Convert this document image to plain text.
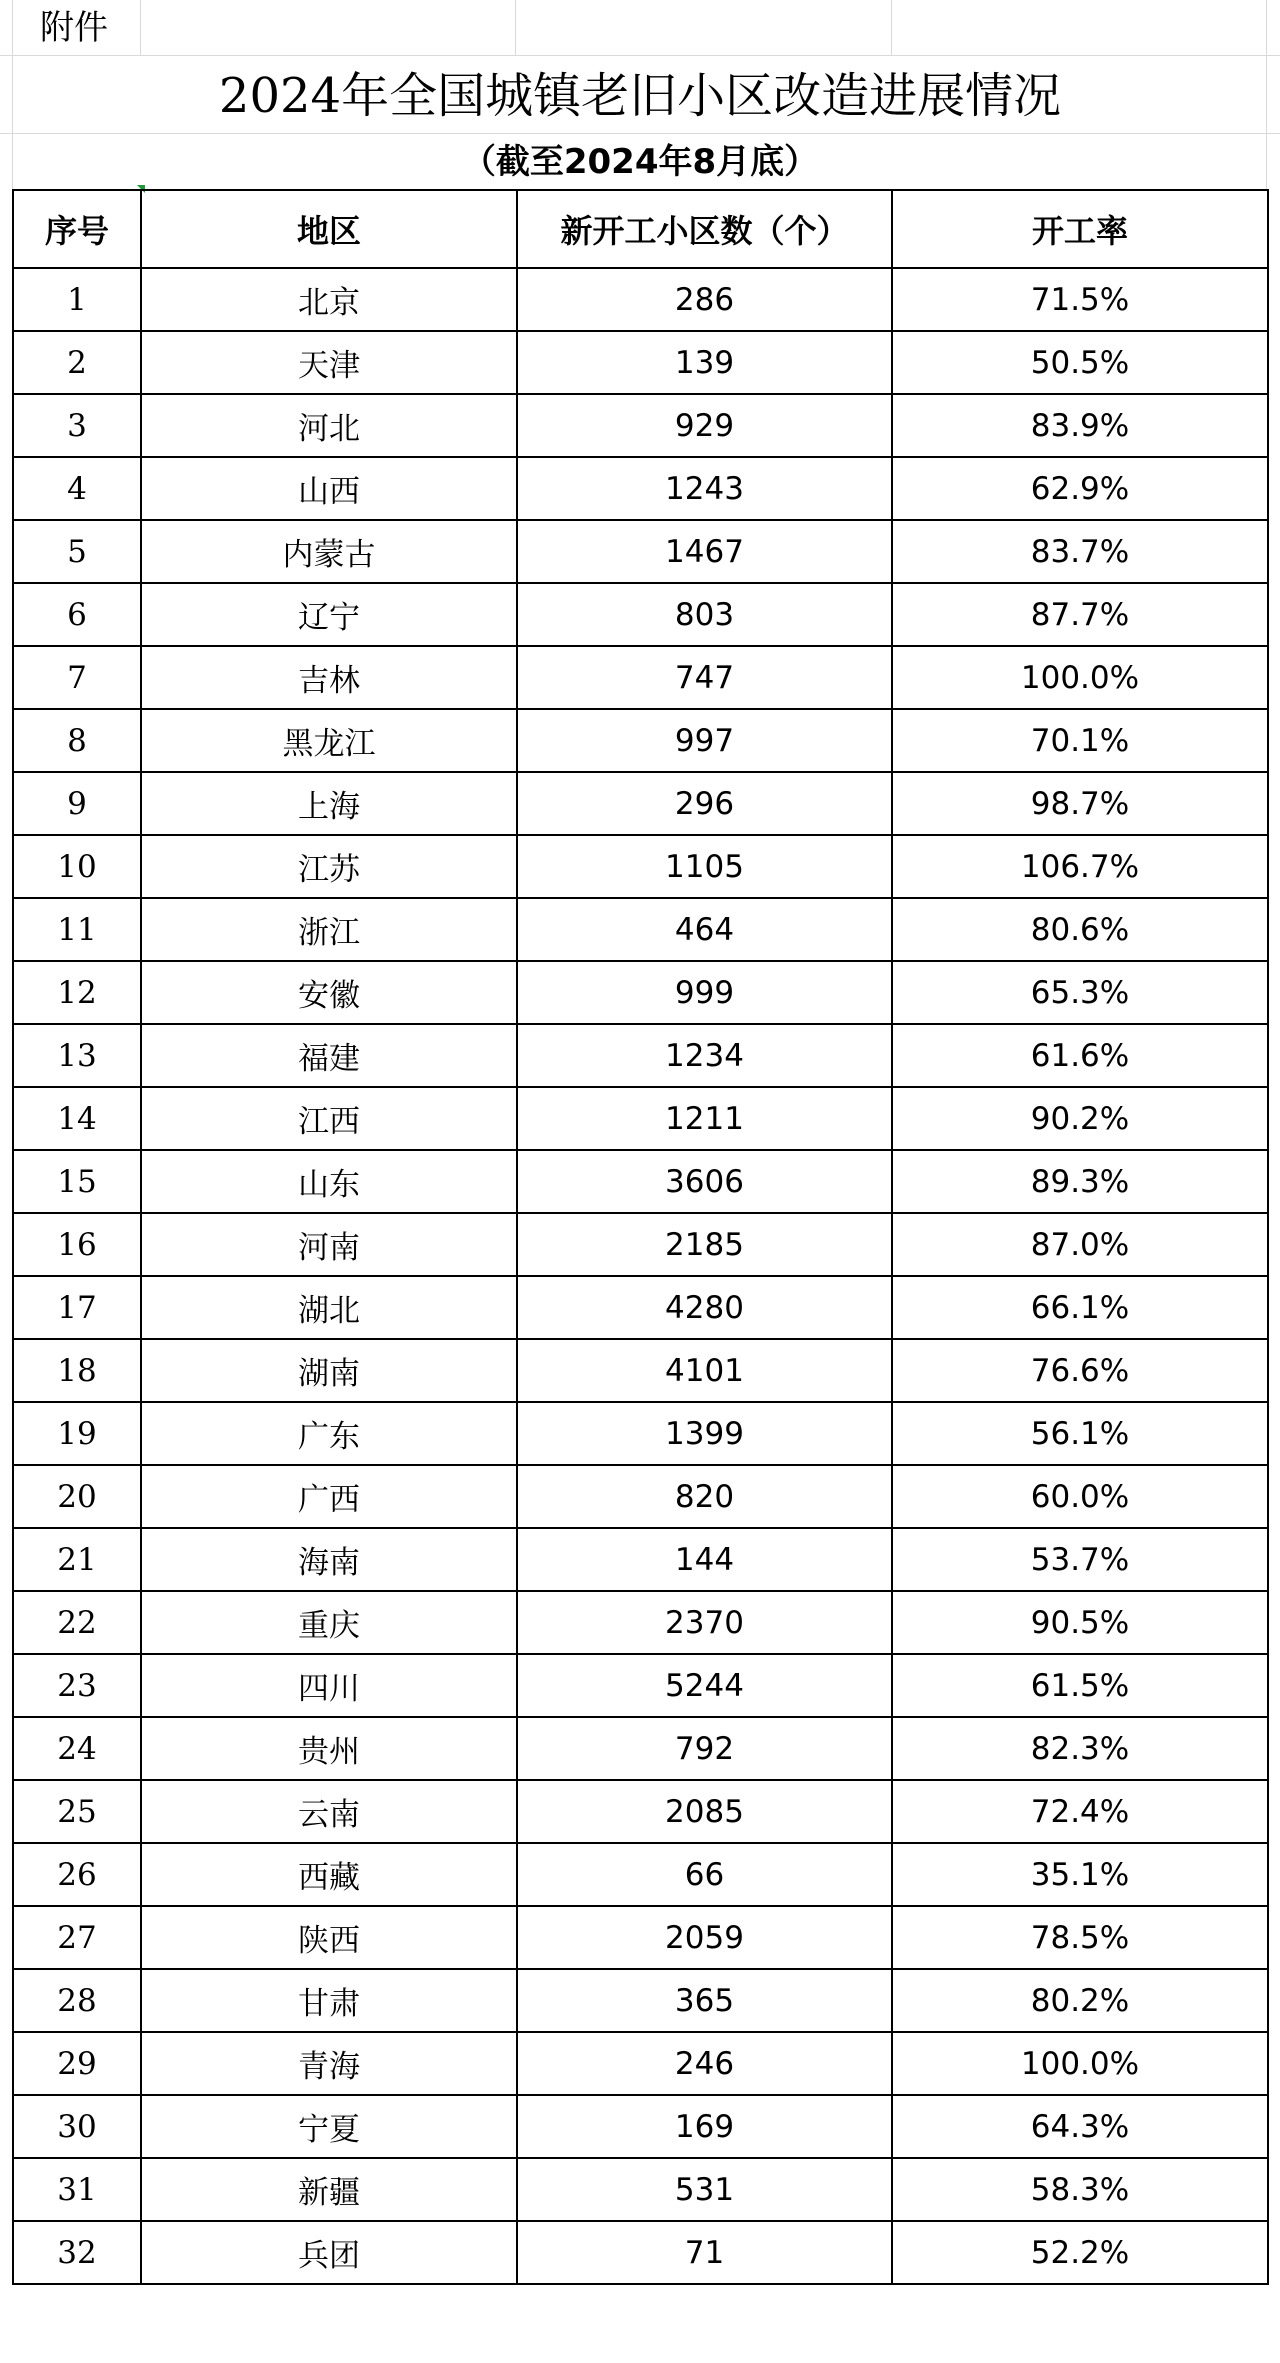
附件
2024年全国城镇老旧小区改造进展情况
（截至2024年8月底）
序号	地区	新开工小区数（个）	开工率
1	北京	286	71.5%
2	天津	139	50.5%
3	河北	929	83.9%
4	山西	1243	62.9%
5	内蒙古	1467	83.7%
6	辽宁	803	87.7%
7	吉林	747	100.0%
8	黑龙江	997	70.1%
9	上海	296	98.7%
10	江苏	1105	106.7%
11	浙江	464	80.6%
12	安徽	999	65.3%
13	福建	1234	61.6%
14	江西	1211	90.2%
15	山东	3606	89.3%
16	河南	2185	87.0%
17	湖北	4280	66.1%
18	湖南	4101	76.6%
19	广东	1399	56.1%
20	广西	820	60.0%
21	海南	144	53.7%
22	重庆	2370	90.5%
23	四川	5244	61.5%
24	贵州	792	82.3%
25	云南	2085	72.4%
26	西藏	66	35.1%
27	陕西	2059	78.5%
28	甘肃	365	80.2%
29	青海	246	100.0%
30	宁夏	169	64.3%
31	新疆	531	58.3%
32	兵团	71	52.2%
